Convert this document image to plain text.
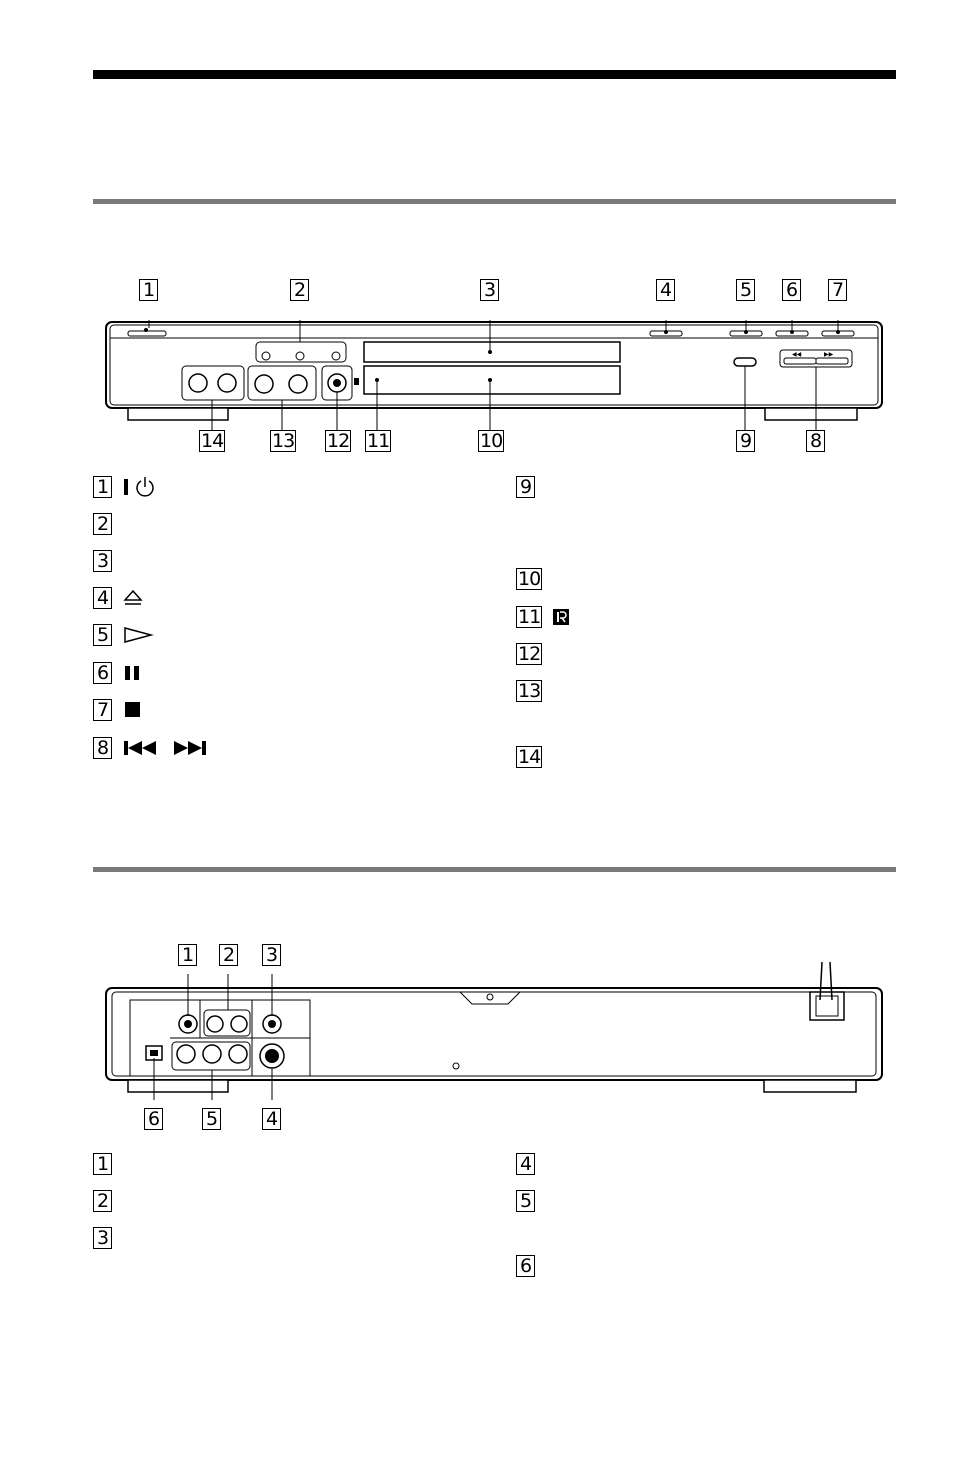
◀◀	▶▶
1	2	3	4	5 6 7
14	13 12 11	10	9	8
1
2
3
4
5
6
7
8
9
10
11
12
13
14
1 2 3
6 5	4
1
2
3
4
5
6
